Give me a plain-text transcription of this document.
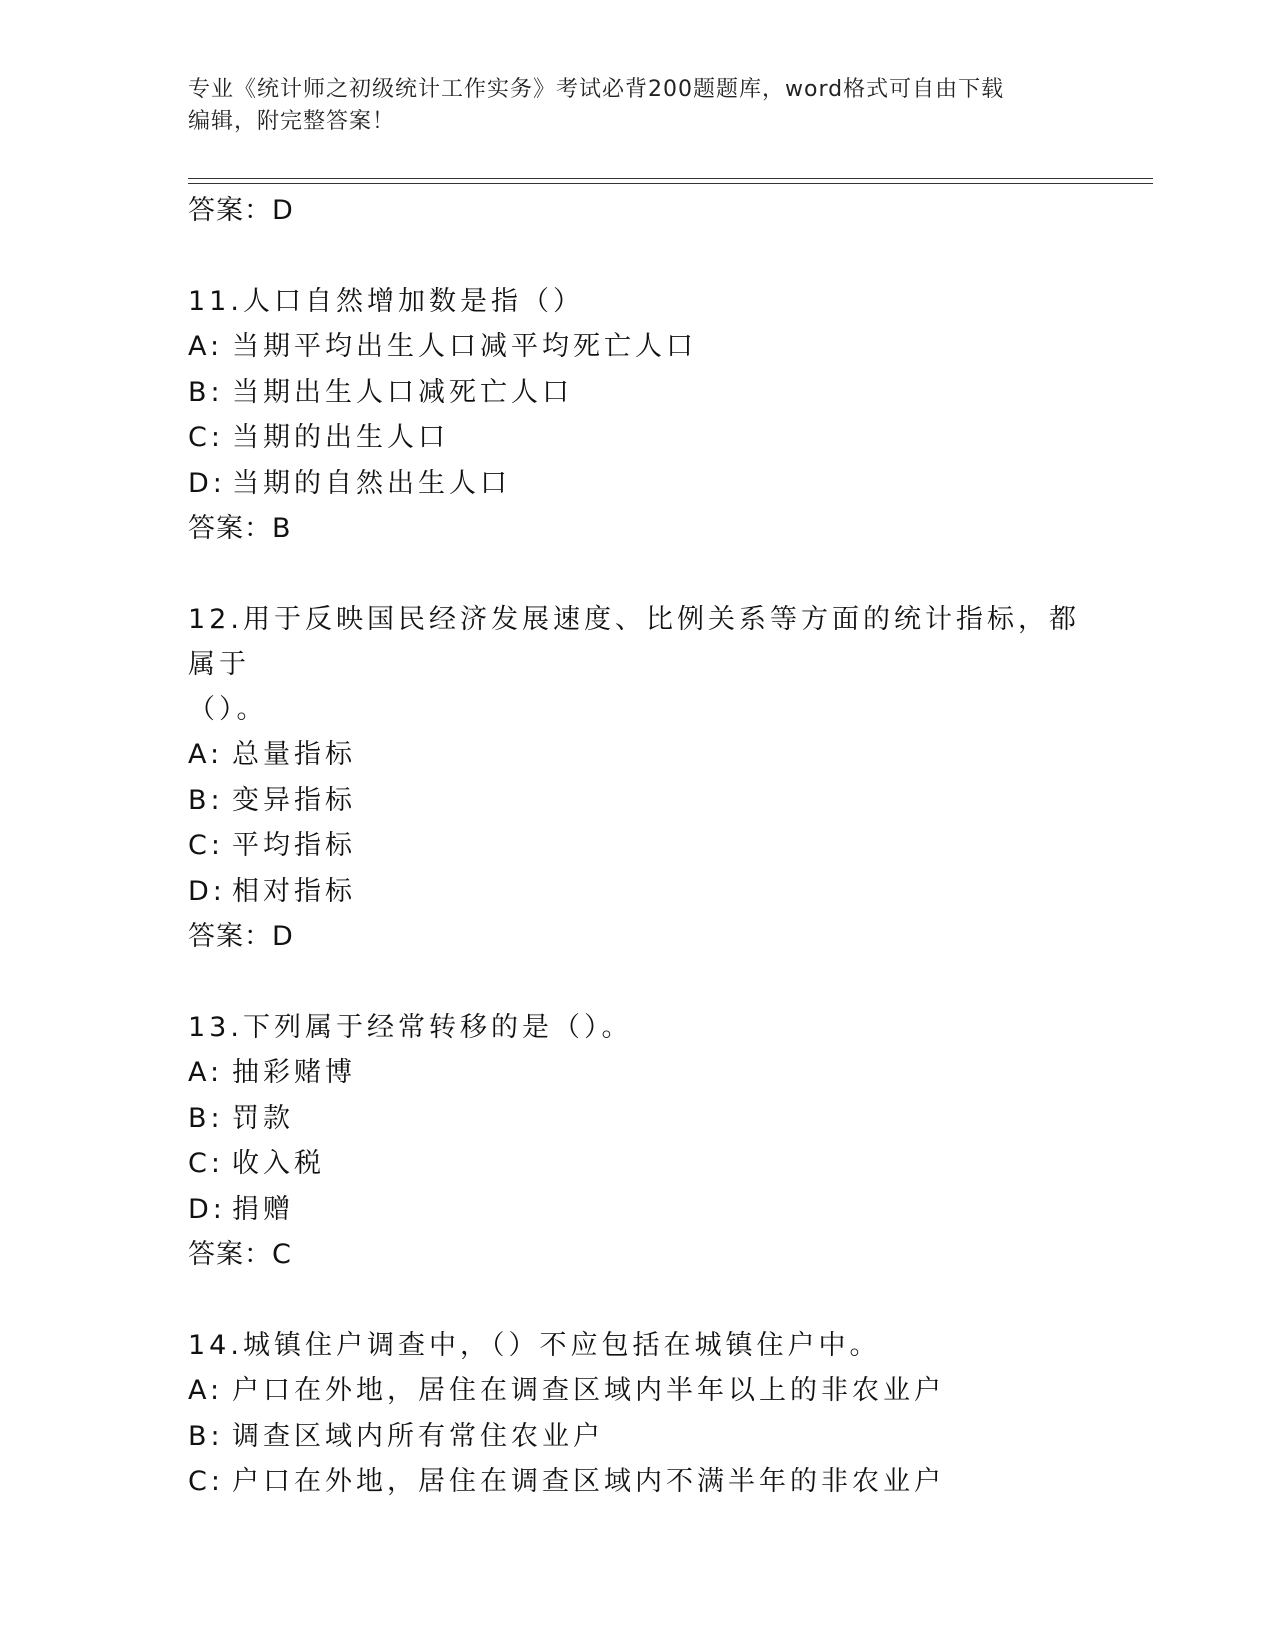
专业《统计师之初级统计工作实务》考试必背200题题库，word格式可自由下载
编辑，附完整答案！

答案：D

11.人口自然增加数是指（）

A: 当期平均出生人口减平均死亡人口

B: 当期出生人口减死亡人口

C: 当期的出生人口

D: 当期的自然出生人口

答案：B

12.用于反映国民经济发展速度、比例关系等方面的统计指标，都属于

（）。

A: 总量指标

B: 变异指标

C: 平均指标

D: 相对指标

答案：D

13.下列属于经常转移的是（）。

A: 抽彩赌博

B: 罚款

C: 收入税

D: 捐赠

答案：C

14.城镇住户调查中，（）不应包括在城镇住户中。

A: 户口在外地，居住在调查区域内半年以上的非农业户

B: 调查区域内所有常住农业户

C: 户口在外地，居住在调查区域内不满半年的非农业户
